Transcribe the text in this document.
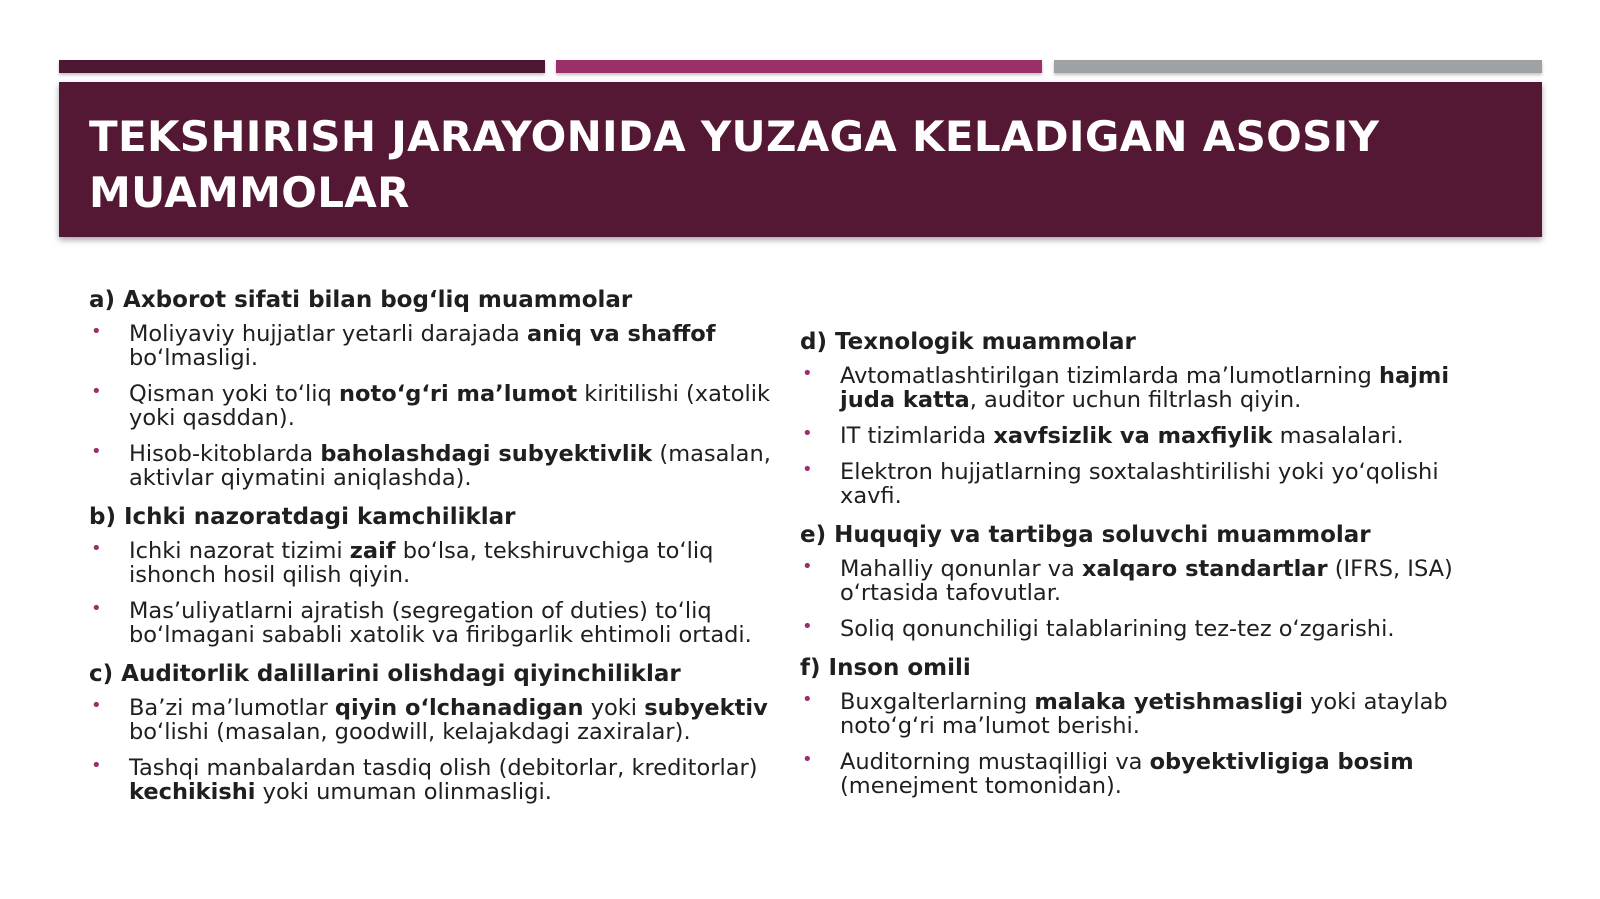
TEKSHIRISH JARAYONIDA YUZAGA KELADIGAN ASOSIY MUAMMOLAR
a) Axborot sifati bilan bog‘liq muammolar
• Moliyaviy hujjatlar yetarli darajada aniq va shaffof bo‘lmasligi.
• Qisman yoki to‘liq noto‘g‘ri ma’lumot kiritilishi (xatolik yoki qasddan).
• Hisob-kitoblarda baholashdagi subyektivlik (masalan, aktivlar qiymatini aniqlashda).
b) Ichki nazoratdagi kamchiliklar
• Ichki nazorat tizimi zaif bo‘lsa, tekshiruvchiga to‘liq ishonch hosil qilish qiyin.
• Mas’uliyatlarni ajratish (segregation of duties) to‘liq bo‘lmagani sababli xatolik va firibgarlik ehtimoli ortadi.
c) Auditorlik dalillarini olishdagi qiyinchiliklar
• Ba’zi ma’lumotlar qiyin o‘lchanadigan yoki subyektiv bo‘lishi (masalan, goodwill, kelajakdagi zaxiralar).
• Tashqi manbalardan tasdiq olish (debitorlar, kreditorlar) kechikishi yoki umuman olinmasligi.
d) Texnologik muammolar
• Avtomatlashtirilgan tizimlarda ma’lumotlarning hajmi juda katta, auditor uchun filtrlash qiyin.
• IT tizimlarida xavfsizlik va maxfiylik masalalari.
• Elektron hujjatlarning soxtalashtirilishi yoki yo‘qolishi xavfi.
e) Huquqiy va tartibga soluvchi muammolar
• Mahalliy qonunlar va xalqaro standartlar (IFRS, ISA) o‘rtasida tafovutlar.
• Soliq qonunchiligi talablarining tez-tez o‘zgarishi.
f) Inson omili
• Buxgalterlarning malaka yetishmasligi yoki ataylab noto‘g‘ri ma’lumot berishi.
• Auditorning mustaqilligi va obyektivligiga bosim (menejment tomonidan).
